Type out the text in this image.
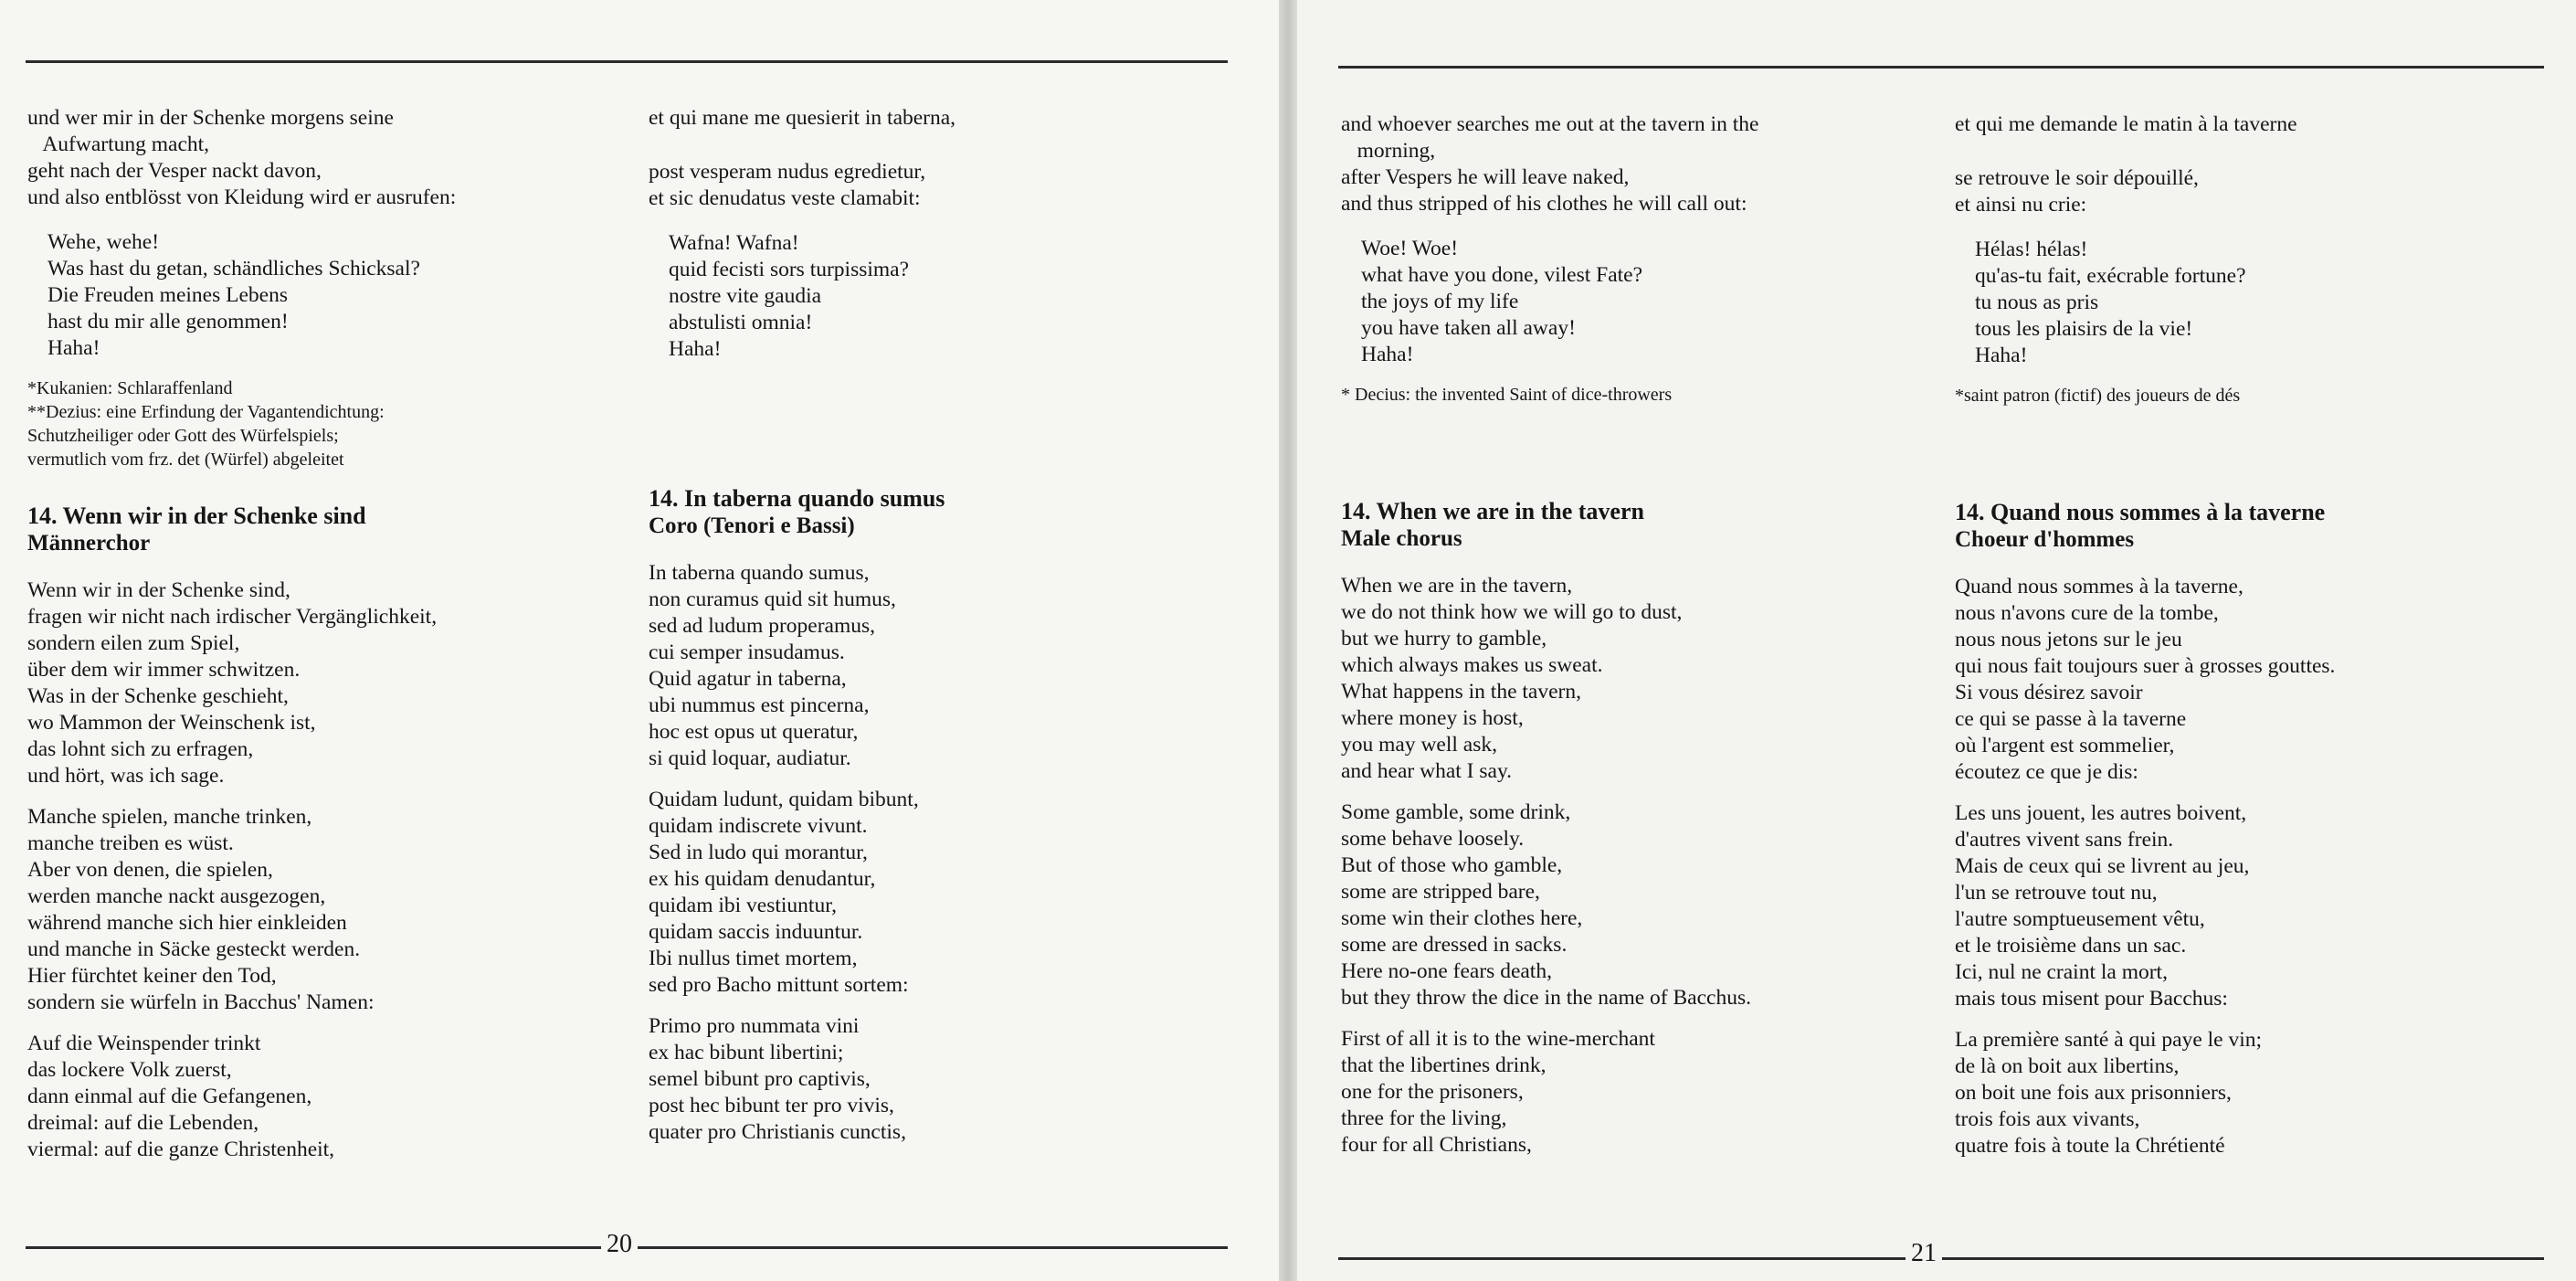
und wer mir in der Schenke morgens seine
Aufwartung macht,
geht nach der Vesper nackt davon,
und also entblösst von Kleidung wird er ausrufen:

Wehe, wehe!
Was hast du getan, schändliches Schicksal?
Die Freuden meines Lebens
hast du mir alle genommen!
Haha!

*Kukanien: Schlaraffenland
**Dezius: eine Erfindung der Vagantendichtung:
Schutzheiliger oder Gott des Würfelspiels;
vermutlich vom frz. det (Würfel) abgeleitet
14. Wenn wir in der Schenke sind
Männerchor

Wenn wir in der Schenke sind,
fragen wir nicht nach irdischer Vergänglichkeit,
sondern eilen zum Spiel,
über dem wir immer schwitzen.
Was in der Schenke geschieht,
wo Mammon der Weinschenk ist,
das lohnt sich zu erfragen,
und hört, was ich sage.

Manche spielen, manche trinken,
manche treiben es wüst.
Aber von denen, die spielen,
werden manche nackt ausgezogen,
während manche sich hier einkleiden
und manche in Säcke gesteckt werden.
Hier fürchtet keiner den Tod,
sondern sie würfeln in Bacchus' Namen:

Auf die Weinspender trinkt
das lockere Volk zuerst,
dann einmal auf die Gefangenen,
dreimal: auf die Lebenden,
viermal: auf die ganze Christenheit,

et qui mane me quesierit in taberna,

post vesperam nudus egredietur,
et sic denudatus veste clamabit:

Wafna! Wafna!
quid fecisti sors turpissima?
nostre vite gaudia
abstulisti omnia!
Haha!

14. In taberna quando sumus
Coro (Tenori e Bassi)

In taberna quando sumus,
non curamus quid sit humus,
sed ad ludum properamus,
cui semper insudamus.
Quid agatur in taberna,
ubi nummus est pincerna,
hoc est opus ut queratur,
si quid loquar, audiatur.

Quidam ludunt, quidam bibunt,
quidam indiscrete vivunt.
Sed in ludo qui morantur,
ex his quidam denudantur,
quidam ibi vestiuntur,
quidam saccis induuntur.
Ibi nullus timet mortem,
sed pro Bacho mittunt sortem:

Primo pro nummata vini
ex hac bibunt libertini;
semel bibunt pro captivis,
post hec bibunt ter pro vivis,
quater pro Christianis cunctis,

20

and whoever searches me out at the tavern in the
morning,
after Vespers he will leave naked,
and thus stripped of his clothes he will call out:

Woe! Woe!
what have you done, vilest Fate?
the joys of my life
you have taken all away!
Haha!

* Decius: the invented Saint of dice-throwers
14. When we are in the tavern
Male chorus

When we are in the tavern,
we do not think how we will go to dust,
but we hurry to gamble,
which always makes us sweat.
What happens in the tavern,
where money is host,
you may well ask,
and hear what I say.

Some gamble, some drink,
some behave loosely.
But of those who gamble,
some are stripped bare,
some win their clothes here,
some are dressed in sacks.
Here no-one fears death,
but they throw the dice in the name of Bacchus.

First of all it is to the wine-merchant
that the libertines drink,
one for the prisoners,
three for the living,
four for all Christians,

et qui me demande le matin à la taverne

se retrouve le soir dépouillé,
et ainsi nu crie:

Hélas! hélas!
qu'as-tu fait, exécrable fortune?
tu nous as pris
tous les plaisirs de la vie!
Haha!

*saint patron (fictif) des joueurs de dés
14. Quand nous sommes à la taverne
Choeur d'hommes

Quand nous sommes à la taverne,
nous n'avons cure de la tombe,
nous nous jetons sur le jeu
qui nous fait toujours suer à grosses gouttes.
Si vous désirez savoir
ce qui se passe à la taverne
où l'argent est sommelier,
écoutez ce que je dis:

Les uns jouent, les autres boivent,
d'autres vivent sans frein.
Mais de ceux qui se livrent au jeu,
l'un se retrouve tout nu,
l'autre somptueusement vêtu,
et le troisième dans un sac.
Ici, nul ne craint la mort,
mais tous misent pour Bacchus:

La première santé à qui paye le vin;
de là on boit aux libertins,
on boit une fois aux prisonniers,
trois fois aux vivants,
quatre fois à toute la Chrétienté

21
